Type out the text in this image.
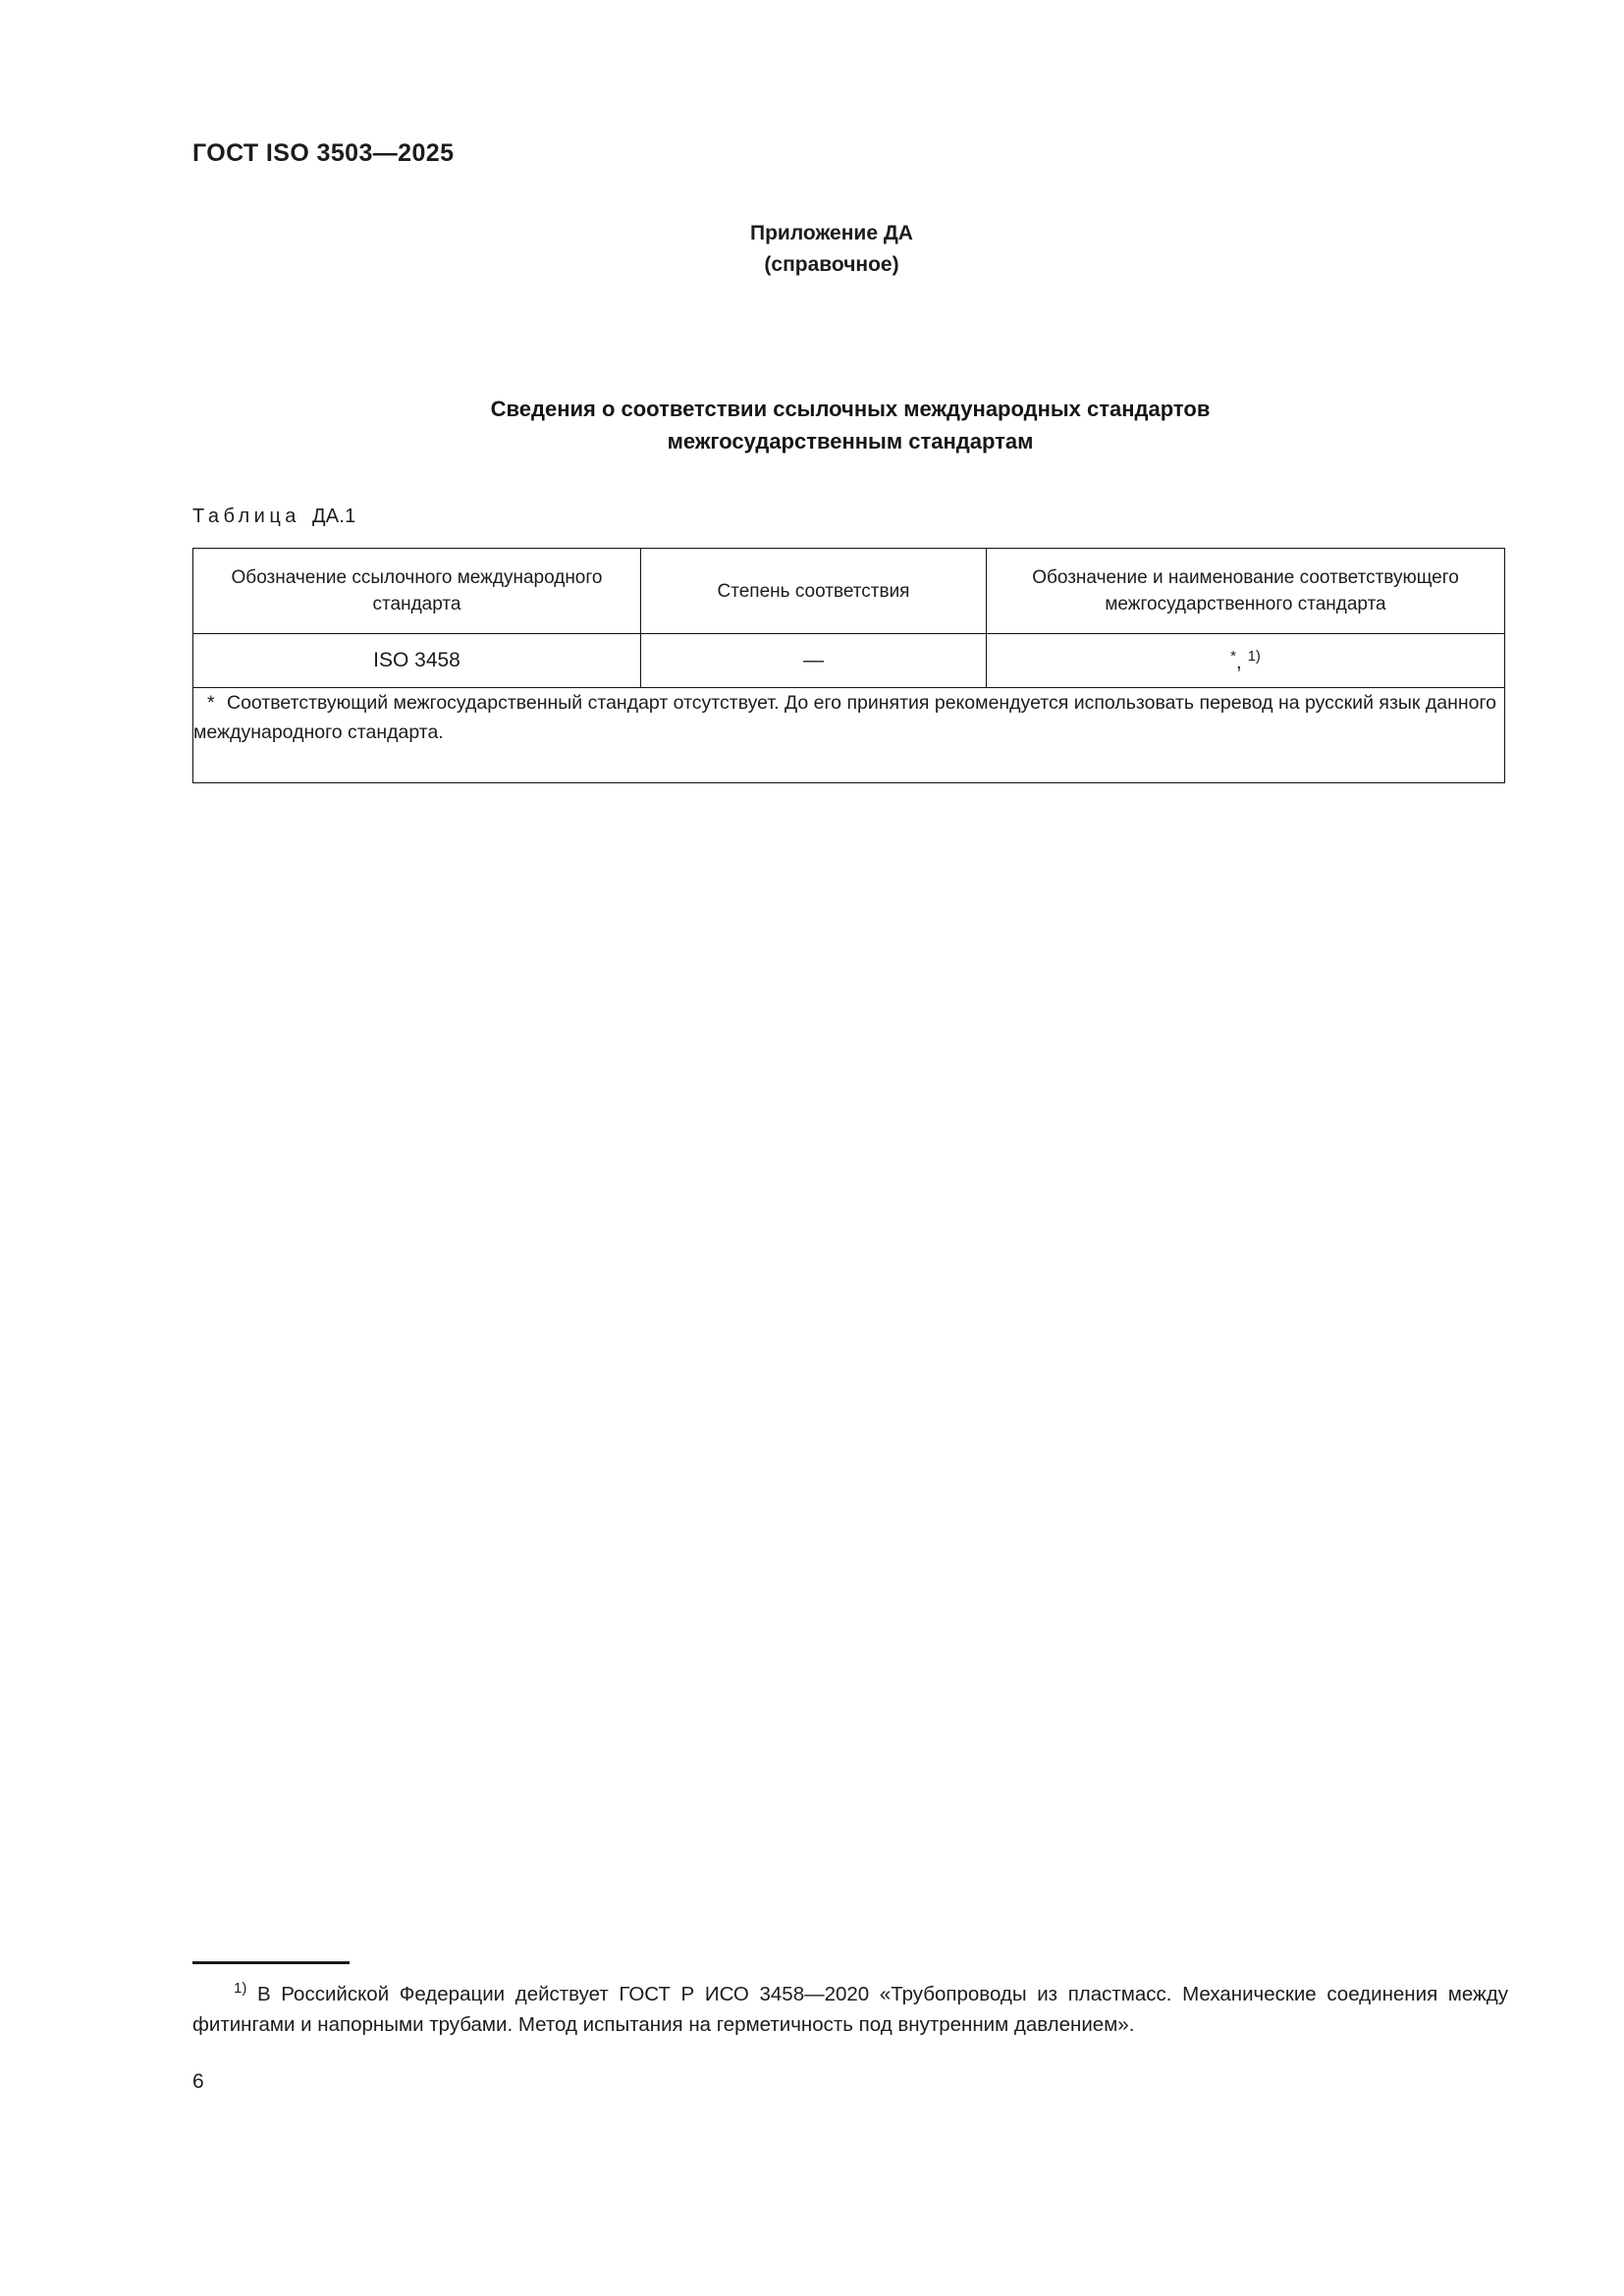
ГОСТ ISO 3503—2025
Приложение ДА
(справочное)
Сведения о соответствии ссылочных международных стандартов
межгосударственным стандартам
Таблица ДА.1
Обозначение ссылочного международного стандарта	Степень соответствия	Обозначение и наименование соответствующего межгосударственного стандарта
ISO 3458	—	*, $^{1)}$
* Соответствующий межгосударственный стандарт отсутствует. До его принятия рекомендуется использовать перевод на русский язык данного международного стандарта.		
$^{1)}$ В Российской Федерации действует ГОСТ Р ИСО 3458—2020 «Трубопроводы из пластмасс. Механические соединения между фитингами и напорными трубами. Метод испытания на герметичность под внутренним давлением».
6
